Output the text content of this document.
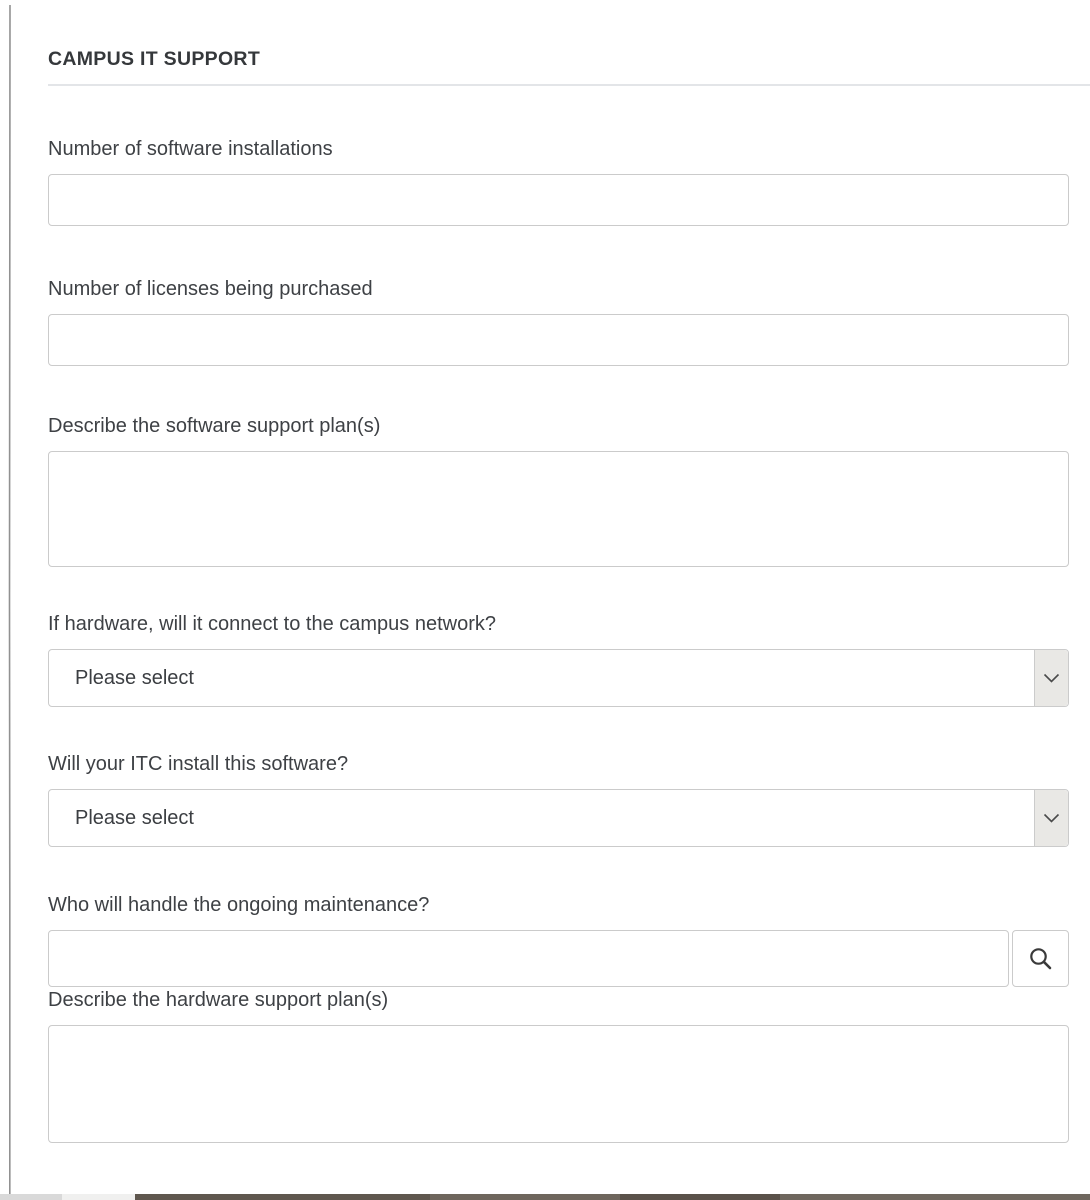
CAMPUS IT SUPPORT
Number of software installations
Number of licenses being purchased
Describe the software support plan(s)
If hardware, will it connect to the campus network?
Please select
Will your ITC install this software?
Please select
Who will handle the ongoing maintenance?
Describe the hardware support plan(s)
